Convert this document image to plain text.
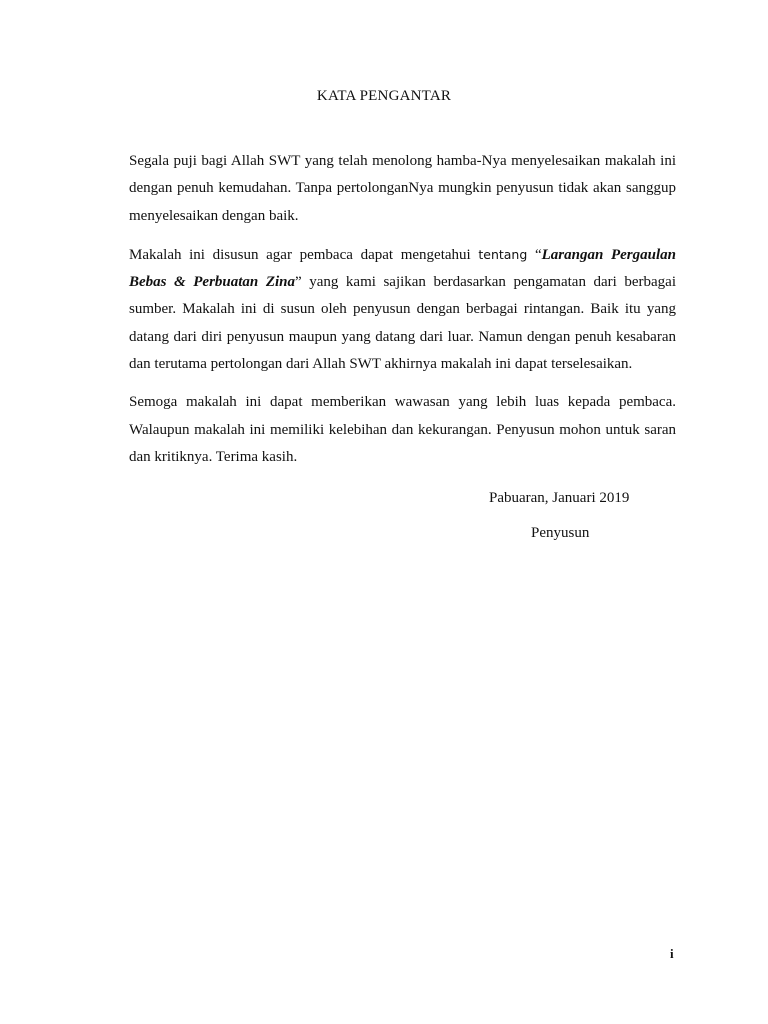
KATA PENGANTAR

Segala puji bagi Allah SWT yang telah menolong hamba-Nya menyelesaikan makalah ini dengan penuh kemudahan. Tanpa pertolonganNya mungkin penyusun tidak akan sanggup menyelesaikan dengan baik.

Makalah ini disusun agar pembaca dapat mengetahui tentang “Larangan Pergaulan Bebas & Perbuatan Zina” yang kami sajikan berdasarkan pengamatan dari berbagai sumber. Makalah ini di susun oleh penyusun dengan berbagai rintangan. Baik itu yang datang dari diri penyusun maupun yang datang dari luar. Namun dengan penuh kesabaran dan terutama pertolongan dari Allah SWT akhirnya makalah ini dapat terselesaikan.

Semoga makalah ini dapat memberikan wawasan yang lebih luas kepada pembaca. Walaupun makalah ini memiliki kelebihan dan kekurangan. Penyusun mohon untuk saran dan kritiknya. Terima kasih.

Pabuaran, Januari 2019
Penyusun
i
